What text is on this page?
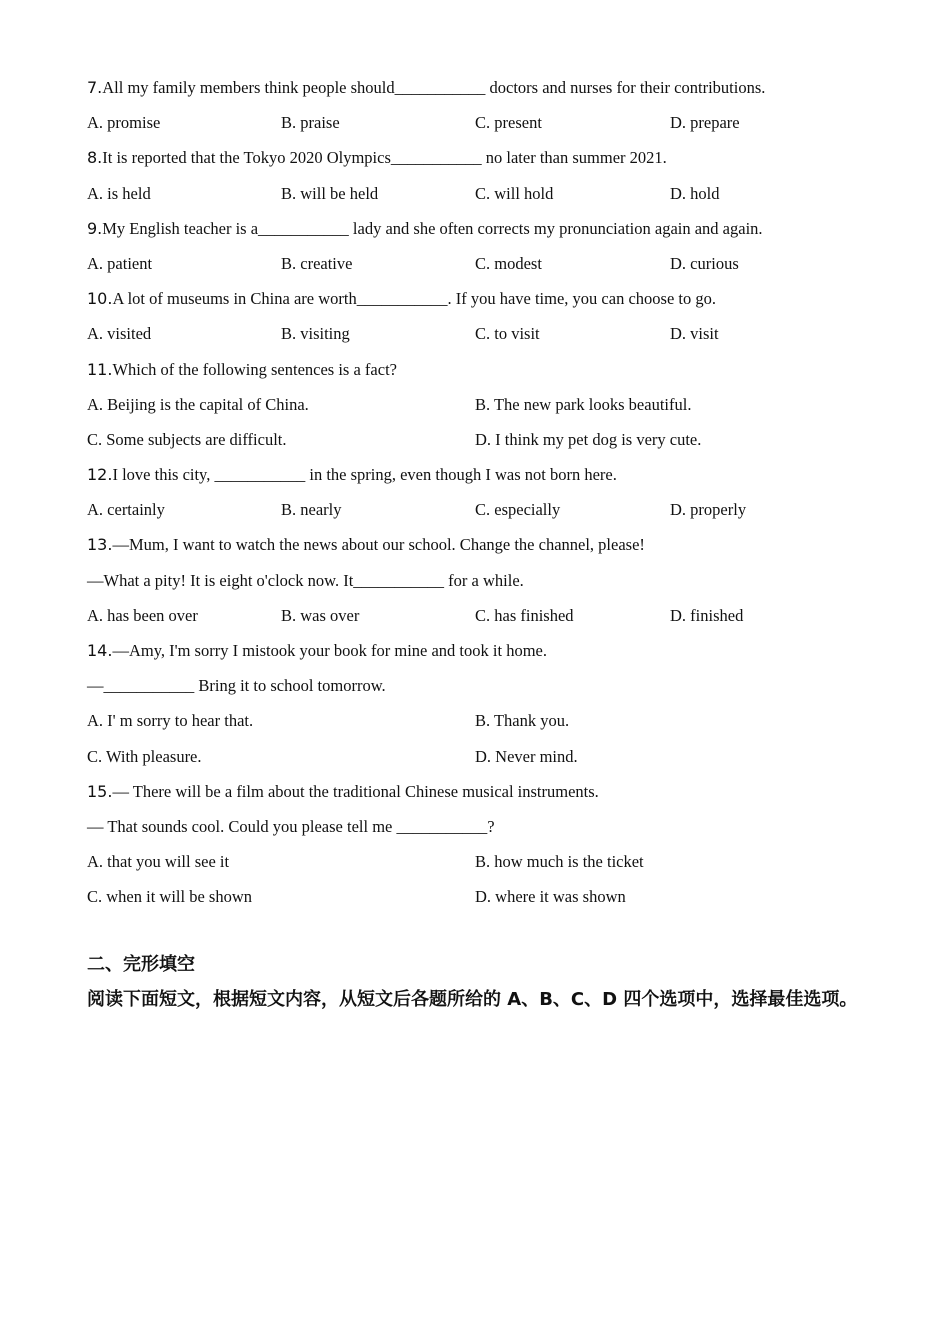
7.All my family members think people should___________ doctors and nurses for their contributions.
A. promise	B. praise	C. present	D. prepare
8.It is reported that the Tokyo 2020 Olympics___________ no later than summer 2021.
A. is held	B. will be held	C. will hold	D. hold
9.My English teacher is a___________ lady and she often corrects my pronunciation again and again.
A. patient	B. creative	C. modest	D. curious
10.A lot of museums in China are worth___________. If you have time, you can choose to go.
A. visited	B. visiting	C. to visit	D. visit
11.Which of the following sentences is a fact?
A. Beijing is the capital of China.	B. The new park looks beautiful.
C. Some subjects are difficult.	D. I think my pet dog is very cute.
12.I love this city, ___________ in the spring, even though I was not born here.
A. certainly	B. nearly	C. especially	D. properly
13.—Mum, I want to watch the news about our school. Change the channel, please!
—What a pity! It is eight o'clock now. It___________ for a while.
A. has been over	B. was over	C. has finished	D. finished
14.—Amy, I'm sorry I mistook your book for mine and took it home.
—___________ Bring it to school tomorrow.
A. I' m sorry to hear that.	B. Thank you.
C. With pleasure.	D. Never mind.
15.— There will be a film about the traditional Chinese musical instruments.
— That sounds cool. Could you please tell me ___________?
A. that you will see it	B. how much is the ticket
C. when it will be shown	D. where it was shown
二、完形填空
阅读下面短文，根据短文内容，从短文后各题所给的 A、B、C、D 四个选项中，选择最佳选项。
